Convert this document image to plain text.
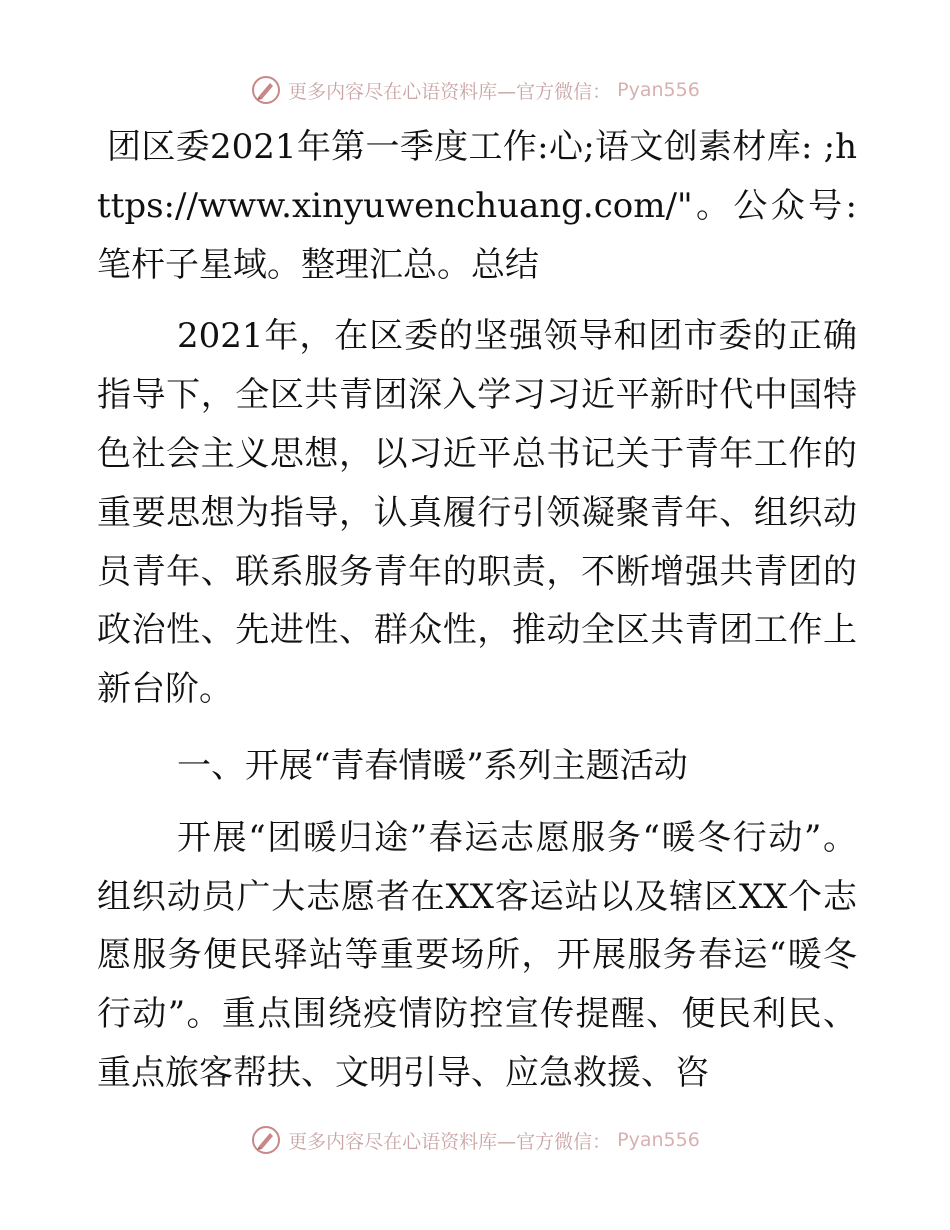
更多内容尽在心语资料库—官方微信： Pyan556

团区委2021年第一季度工作:心;语文创素材库: ;https://www.xinyuwenchuang.com/"。公众号: 笔杆子星域。整理汇总。总结

2021年，在区委的坚强领导和团市委的正确指导下，全区共青团深入学习习近平新时代中国特色社会主义思想，以习近平总书记关于青年工作的重要思想为指导，认真履行引领凝聚青年、组织动员青年、联系服务青年的职责，不断增强共青团的政治性、先进性、群众性，推动全区共青团工作上新台阶。

一、开展“青春情暖”系列主题活动

开展“团暖归途”春运志愿服务“暖冬行动”。组织动员广大志愿者在XX客运站以及辖区XX个志愿服务便民驿站等重要场所，开展服务春运“暖冬行动”。重点围绕疫情防控宣传提醒、便民利民、重点旅客帮扶、文明引导、应急救援、咨

更多内容尽在心语资料库—官方微信： Pyan556
